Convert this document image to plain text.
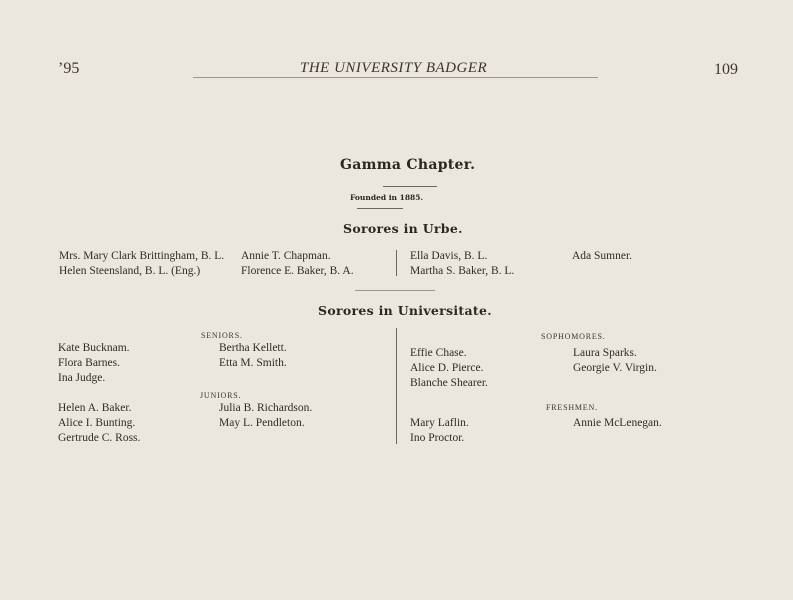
’95	THE UNIVERSITY BADGER	109
Gamma Chapter.
Founded in 1885.
Sorores in Urbe.
Mrs. Mary Clark Brittingham, B. L.
Helen Steensland, B. L. (Eng.)
Annie T. Chapman.
Florence E. Baker, B. A.
Ella Davis, B. L.
Martha S. Baker, B. L.
Ada Sumner.
Sorores in Universitate.
SENIORS.
Kate Bucknam.
Flora Barnes.
Ina Judge.
Bertha Kellett.
Etta M. Smith.
JUNIORS.
Helen A. Baker.
Alice I. Bunting.
Gertrude C. Ross.
Julia B. Richardson.
May L. Pendleton.
SOPHOMORES.
Effie Chase.
Alice D. Pierce.
Blanche Shearer.
Laura Sparks.
Georgie V. Virgin.
FRESHMEN.
Mary Laflin.
Ino Proctor.
Annie McLenegan.
